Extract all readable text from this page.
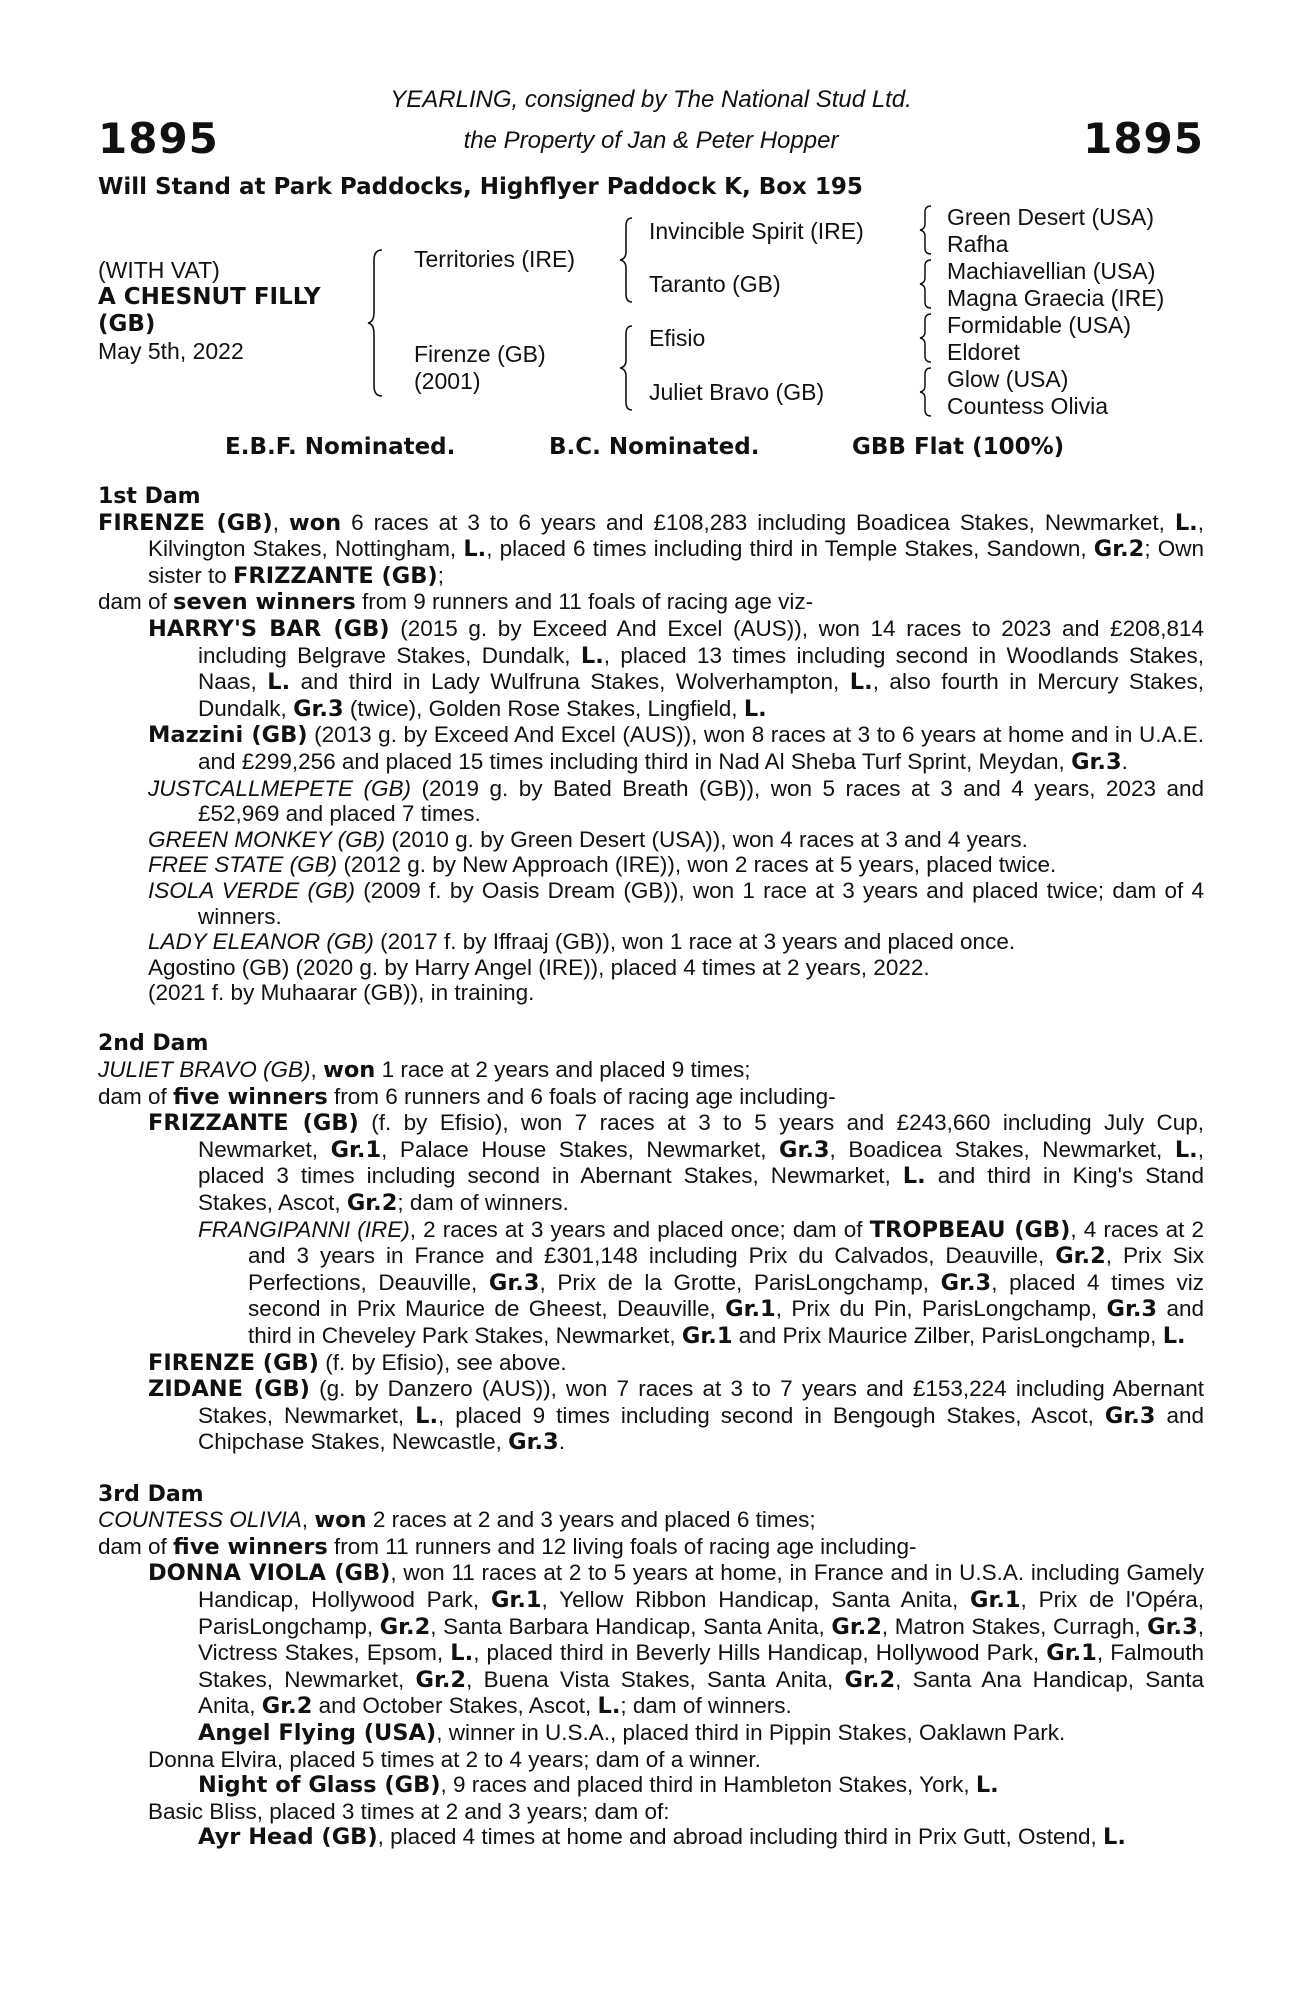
1895	1895
YEARLING, consigned by The National Stud Ltd.
the Property of Jan & Peter Hopper
Will Stand at Park Paddocks, Highflyer Paddock K, Box 195
(WITH VAT)
A CHESNUT FILLY
(GB)
May 5th, 2022
Territories (IRE)
Firenze (GB)
(2001)
Invincible Spirit (IRE)
Taranto (GB)
Efisio
Juliet Bravo (GB)
Green Desert (USA)
Rafha
Machiavellian (USA)
Magna Graecia (IRE)
Formidable (USA)
Eldoret
Glow (USA)
Countess Olivia
E.B.F. Nominated.	B.C. Nominated.	GBB Flat (100%)
1st Dam
FIRENZE (GB), won 6 races at 3 to 6 years and £108,283 including Boadicea Stakes, Newmarket, L., Kilvington Stakes, Nottingham, L., placed 6 times including third in Temple Stakes, Sandown, Gr.2; Own sister to FRIZZANTE (GB);
dam of seven winners from 9 runners and 11 foals of racing age viz-
HARRY'S BAR (GB) (2015 g. by Exceed And Excel (AUS)), won 14 races to 2023 and £208,814 including Belgrave Stakes, Dundalk, L., placed 13 times including second in Woodlands Stakes, Naas, L. and third in Lady Wulfruna Stakes, Wolverhampton, L., also fourth in Mercury Stakes, Dundalk, Gr.3 (twice), Golden Rose Stakes, Lingfield, L.
Mazzini (GB) (2013 g. by Exceed And Excel (AUS)), won 8 races at 3 to 6 years at home and in U.A.E. and £299,256 and placed 15 times including third in Nad Al Sheba Turf Sprint, Meydan, Gr.3.
JUSTCALLMEPETE (GB) (2019 g. by Bated Breath (GB)), won 5 races at 3 and 4 years, 2023 and £52,969 and placed 7 times.
GREEN MONKEY (GB) (2010 g. by Green Desert (USA)), won 4 races at 3 and 4 years.
FREE STATE (GB) (2012 g. by New Approach (IRE)), won 2 races at 5 years, placed twice.
ISOLA VERDE (GB) (2009 f. by Oasis Dream (GB)), won 1 race at 3 years and placed twice; dam of 4 winners.
LADY ELEANOR (GB) (2017 f. by Iffraaj (GB)), won 1 race at 3 years and placed once.
Agostino (GB) (2020 g. by Harry Angel (IRE)), placed 4 times at 2 years, 2022.
(2021 f. by Muhaarar (GB)), in training.
2nd Dam
JULIET BRAVO (GB), won 1 race at 2 years and placed 9 times;
dam of five winners from 6 runners and 6 foals of racing age including-
FRIZZANTE (GB) (f. by Efisio), won 7 races at 3 to 5 years and £243,660 including July Cup, Newmarket, Gr.1, Palace House Stakes, Newmarket, Gr.3, Boadicea Stakes, Newmarket, L., placed 3 times including second in Abernant Stakes, Newmarket, L. and third in King's Stand Stakes, Ascot, Gr.2; dam of winners.
FRANGIPANNI (IRE), 2 races at 3 years and placed once; dam of TROPBEAU (GB), 4 races at 2 and 3 years in France and £301,148 including Prix du Calvados, Deauville, Gr.2, Prix Six Perfections, Deauville, Gr.3, Prix de la Grotte, ParisLongchamp, Gr.3, placed 4 times viz second in Prix Maurice de Gheest, Deauville, Gr.1, Prix du Pin, ParisLongchamp, Gr.3 and third in Cheveley Park Stakes, Newmarket, Gr.1 and Prix Maurice Zilber, ParisLongchamp, L.
FIRENZE (GB) (f. by Efisio), see above.
ZIDANE (GB) (g. by Danzero (AUS)), won 7 races at 3 to 7 years and £153,224 including Abernant Stakes, Newmarket, L., placed 9 times including second in Bengough Stakes, Ascot, Gr.3 and Chipchase Stakes, Newcastle, Gr.3.
3rd Dam
COUNTESS OLIVIA, won 2 races at 2 and 3 years and placed 6 times;
dam of five winners from 11 runners and 12 living foals of racing age including-
DONNA VIOLA (GB), won 11 races at 2 to 5 years at home, in France and in U.S.A. including Gamely Handicap, Hollywood Park, Gr.1, Yellow Ribbon Handicap, Santa Anita, Gr.1, Prix de l'Opéra, ParisLongchamp, Gr.2, Santa Barbara Handicap, Santa Anita, Gr.2, Matron Stakes, Curragh, Gr.3, Victress Stakes, Epsom, L., placed third in Beverly Hills Handicap, Hollywood Park, Gr.1, Falmouth Stakes, Newmarket, Gr.2, Buena Vista Stakes, Santa Anita, Gr.2, Santa Ana Handicap, Santa Anita, Gr.2 and October Stakes, Ascot, L.; dam of winners.
Angel Flying (USA), winner in U.S.A., placed third in Pippin Stakes, Oaklawn Park.
Donna Elvira, placed 5 times at 2 to 4 years; dam of a winner.
Night of Glass (GB), 9 races and placed third in Hambleton Stakes, York, L.
Basic Bliss, placed 3 times at 2 and 3 years; dam of:
Ayr Head (GB), placed 4 times at home and abroad including third in Prix Gutt, Ostend, L.
